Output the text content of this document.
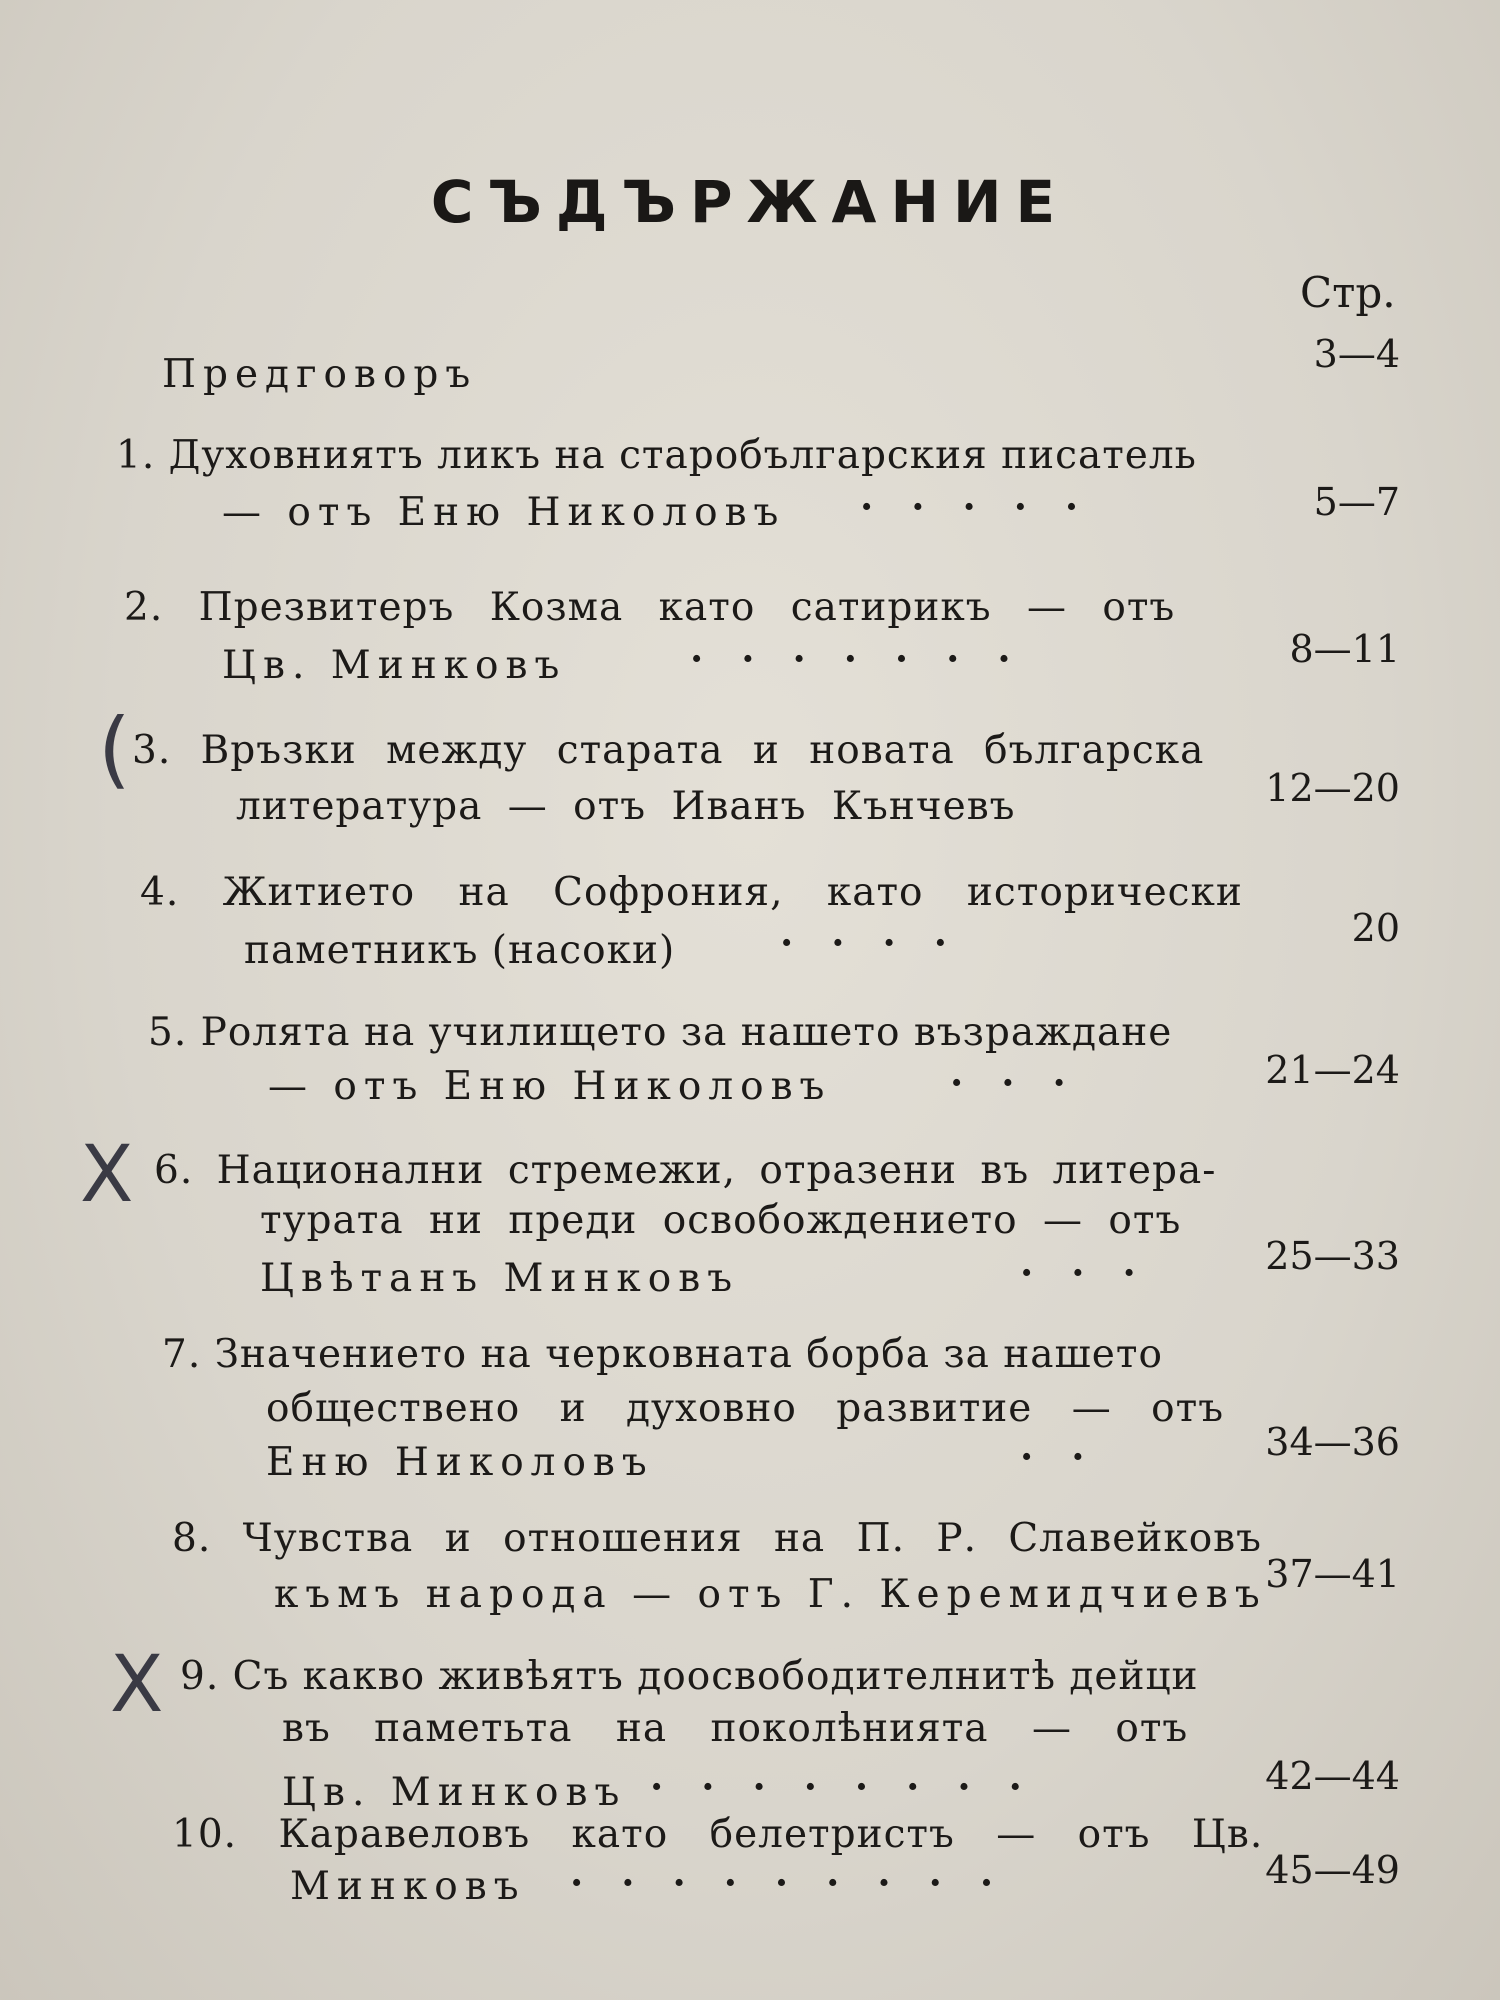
СЪДЪРЖАНИЕ
Стр.
Предговоръ	3—4
1. Духовниятъ ликъ на старобългарския писатель
— отъ Еню Николовъ ·····	5—7
2. Презвитеръ Козма като сатирикъ — отъ
Цв. Минковъ	·······	8—11
3. Връзки между старата и новата българска
литература — отъ Иванъ Кънчевъ	12—20
(
4. Житието на Софрония, като исторически
паметникъ (насоки)	····	20
5. Ролята на училището за нашето възраждане
— отъ Еню Николовъ	···	21—24
6. Национални стремежи, отразени въ литера-
турата ни преди освобождението — отъ
Цвѣтанъ Минковъ	··· 25—33
X
7. Значението на черковната борба за нашето
обществено и духовно развитие — отъ
Еню Николовъ	··	34—36
8. Чувства и отношения на П. Р. Славейковъ
къмъ народа — отъ Г. Керемидчиевъ
37—41
9. Съ какво живѣятъ доосвободителнитѣ дейци
въ паметьта на поколѣнията — отъ
Цв. Минковъ ········	42—44
X
10. Каравеловъ като белетристъ — отъ Цв.
Минковъ ·········	45—49
